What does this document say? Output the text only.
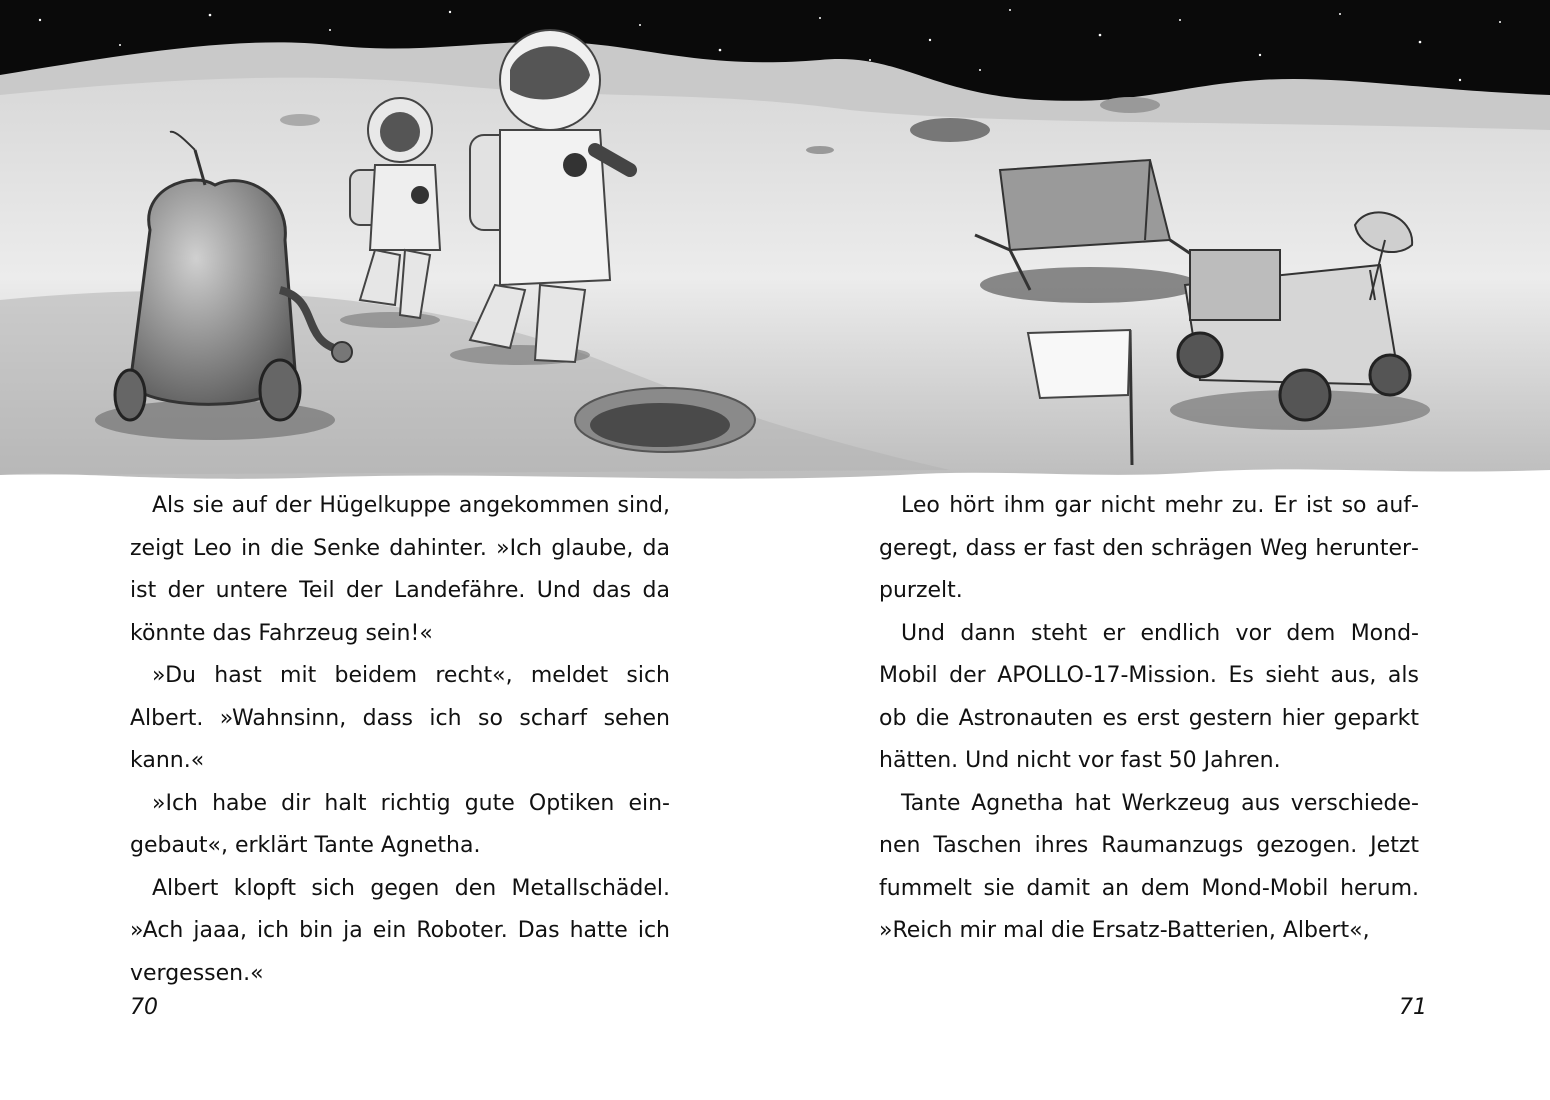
Als sie auf der Hügelkuppe angekommen sind, zeigt Leo in die Senke dahinter. »Ich glaube, da ist der untere Teil der Landefähre. Und das da könnte das Fahrzeug sein!«

»Du hast mit beidem recht«, meldet sich Albert. »Wahnsinn, dass ich so scharf sehen kann.«

»Ich habe dir halt richtig gute Optiken eingebaut«, erklärt Tante Agnetha.

Albert klopft sich gegen den Metallschädel. »Ach jaaa, ich bin ja ein Roboter. Das hatte ich vergessen.«

Leo hört ihm gar nicht mehr zu. Er ist so aufgeregt, dass er fast den schrägen Weg herunterpurzelt.

Und dann steht er endlich vor dem Mond-Mobil der APOLLO-17-Mission. Es sieht aus, als ob die Astronauten es erst gestern hier geparkt hätten. Und nicht vor fast 50 Jahren.

Tante Agnetha hat Werkzeug aus verschiedenen Taschen ihres Raumanzugs gezogen. Jetzt fummelt sie damit an dem Mond-Mobil herum. »Reich mir mal die Ersatz-Batterien, Albert«,

70	71
